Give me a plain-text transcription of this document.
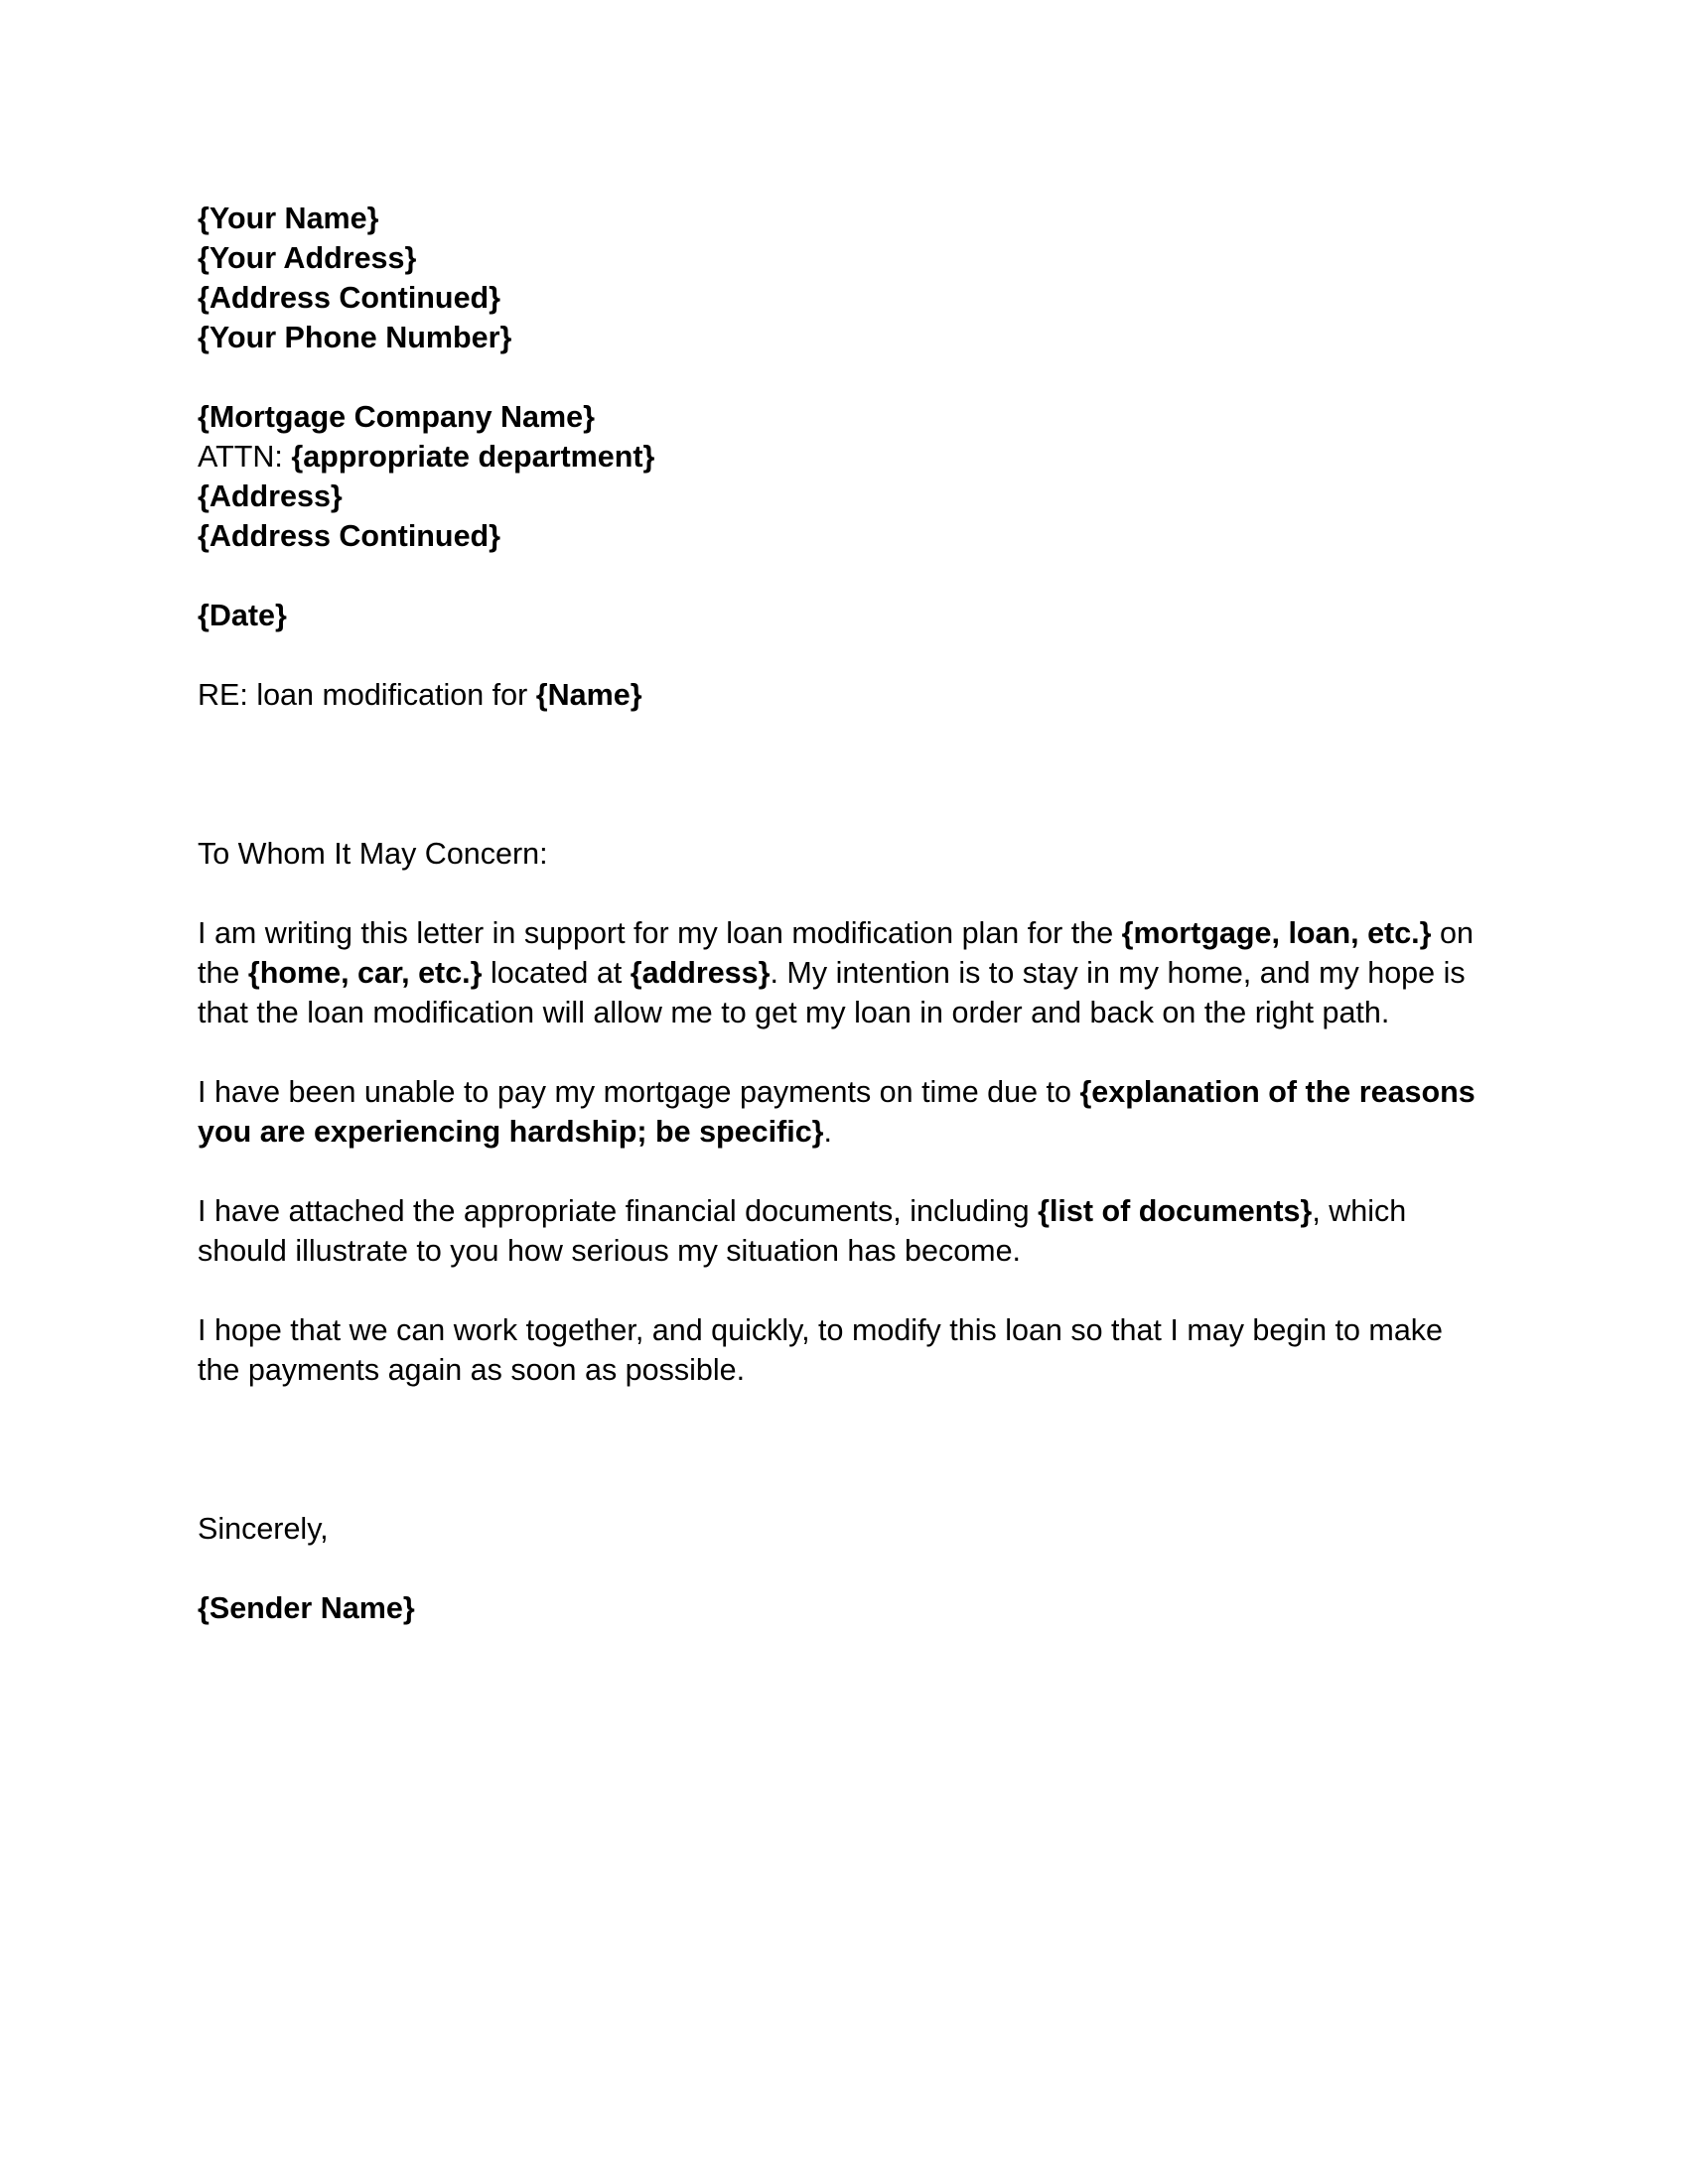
{Your Name}
{Your Address}
{Address Continued}
{Your Phone Number}
{Mortgage Company Name}
ATTN: {appropriate department}
{Address}
{Address Continued}
{Date}
RE: loan modification for {Name}
To Whom It May Concern:
I am writing this letter in support for my loan modification plan for the {mortgage, loan, etc.} on
the {home, car, etc.} located at {address}. My intention is to stay in my home, and my hope is
that the loan modification will allow me to get my loan in order and back on the right path.
I have been unable to pay my mortgage payments on time due to {explanation of the reasons
you are experiencing hardship; be specific}.
I have attached the appropriate financial documents, including {list of documents}, which
should illustrate to you how serious my situation has become.
I hope that we can work together, and quickly, to modify this loan so that I may begin to make
the payments again as soon as possible.
Sincerely,
{Sender Name}
